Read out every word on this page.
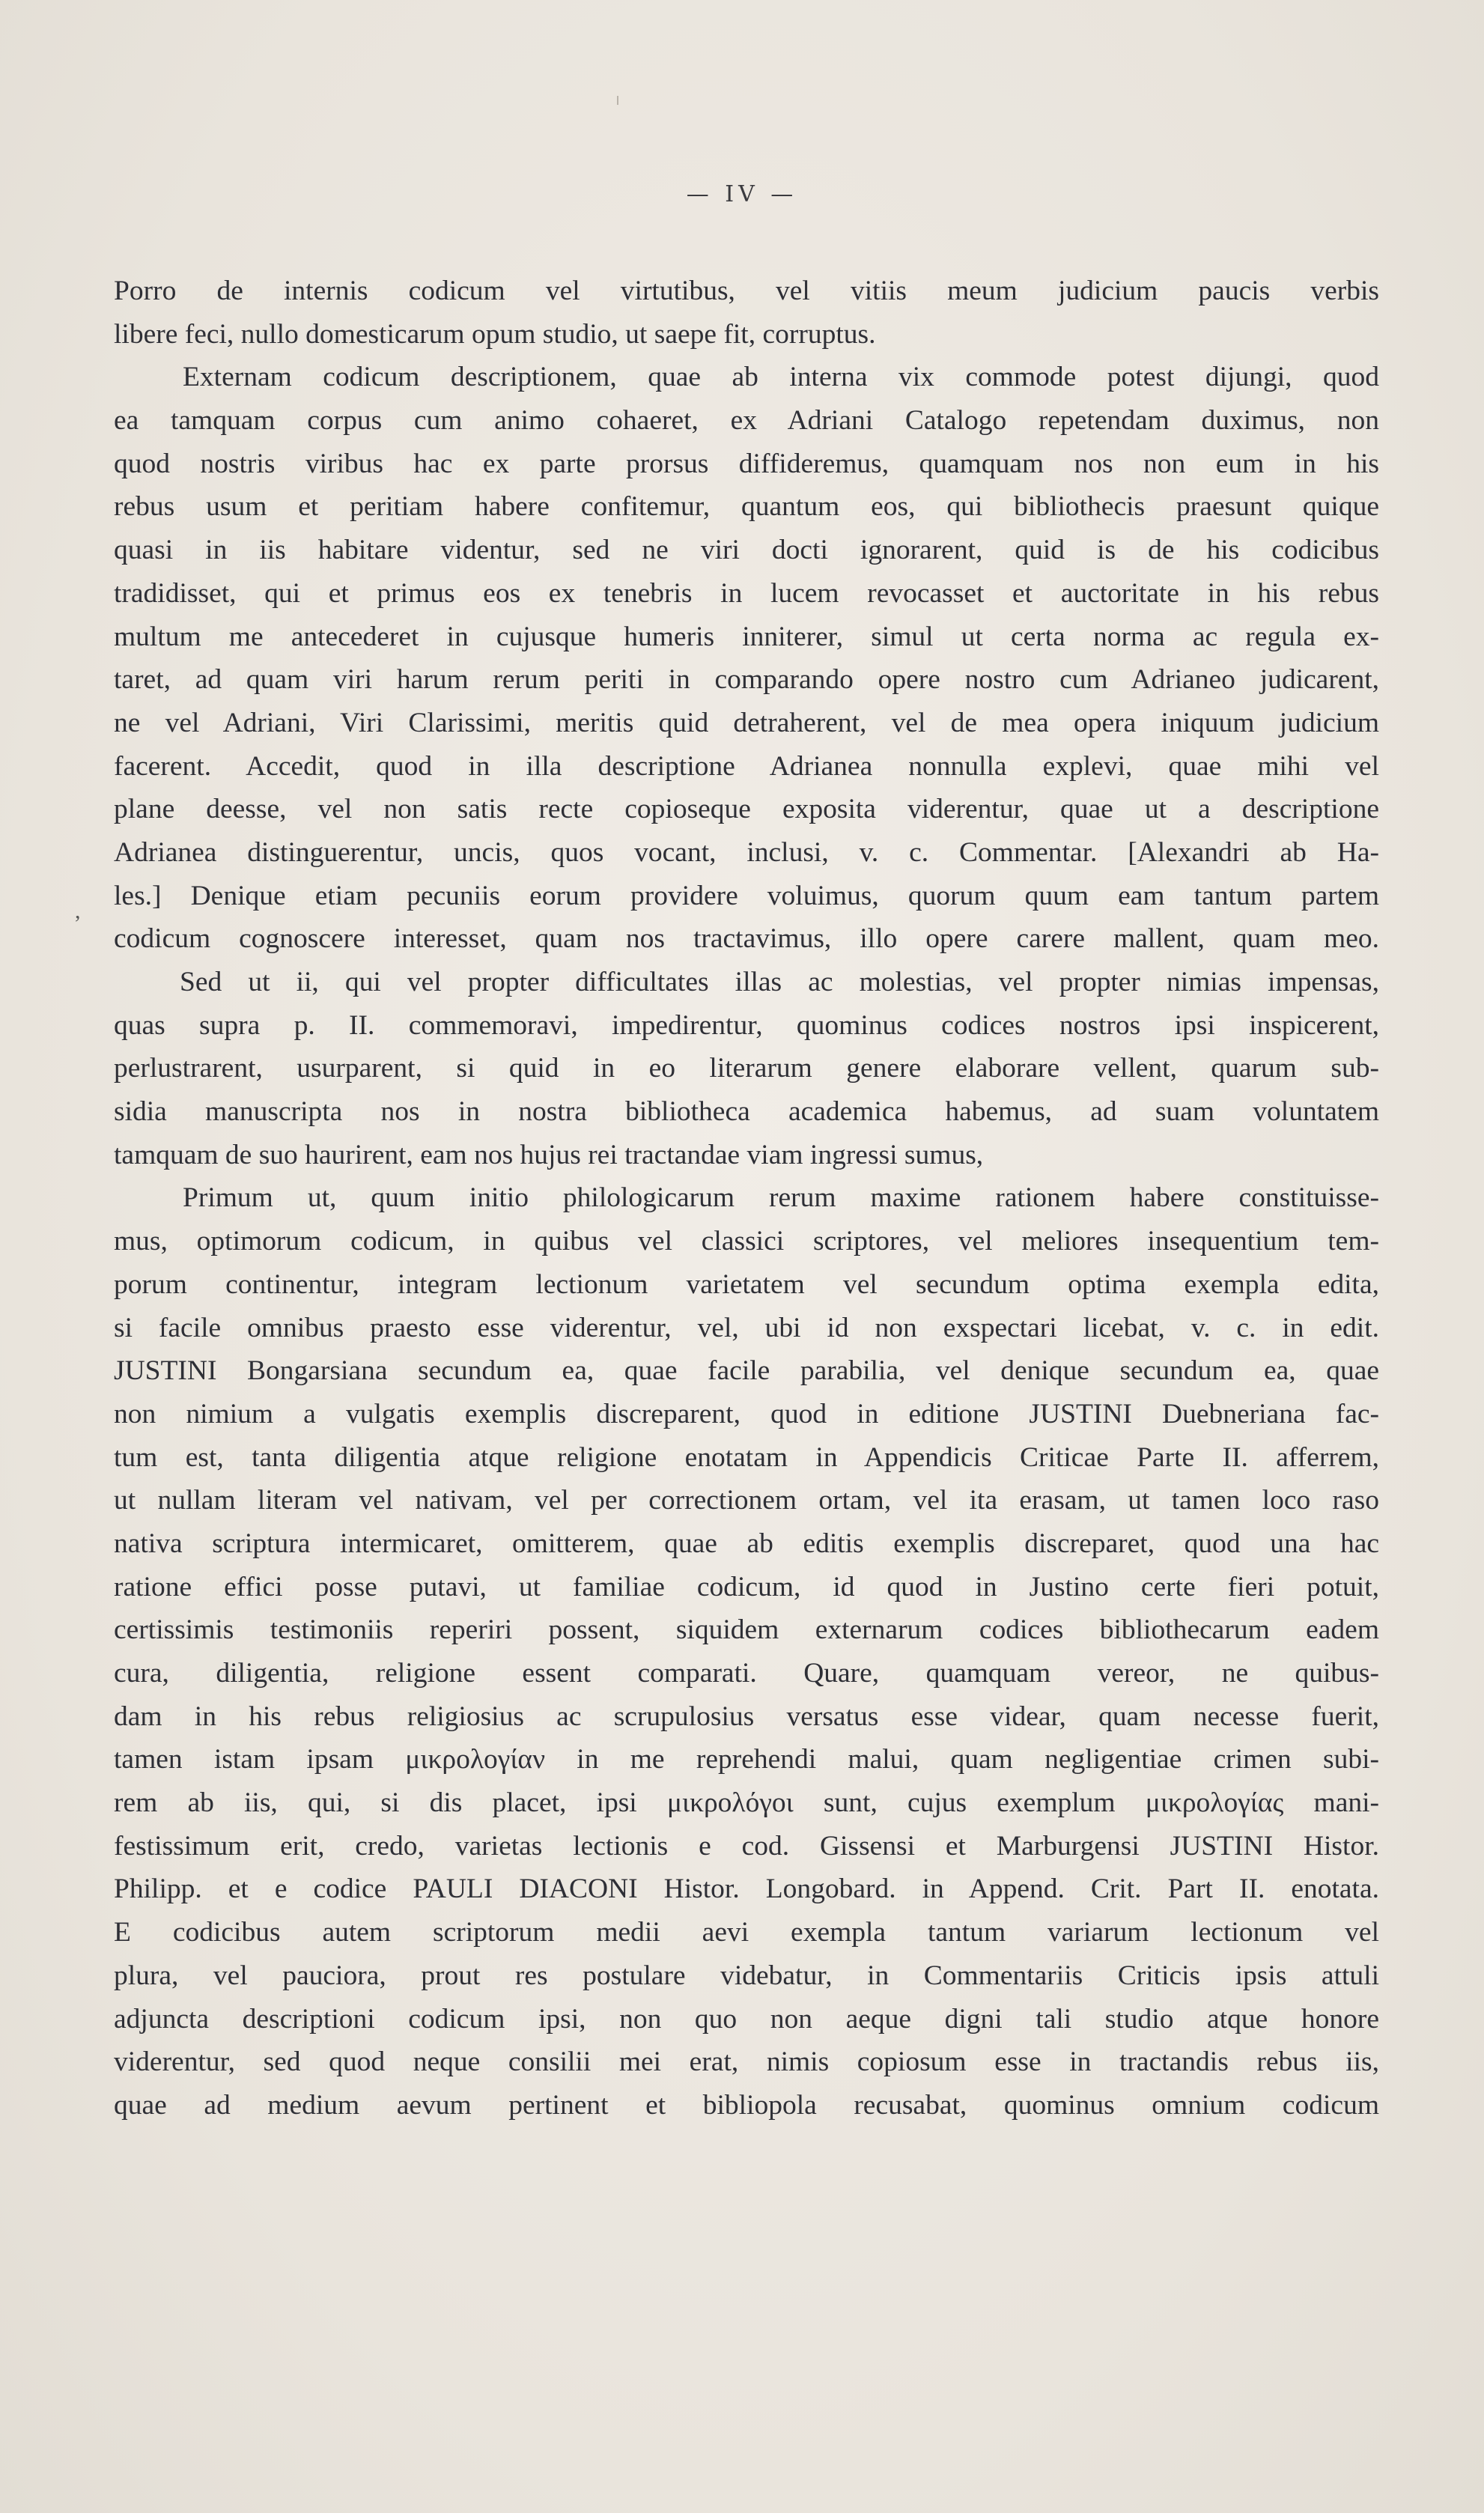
— IV —
,
Porro de internis codicum vel virtutibus, vel vitiis meum judicium paucis verbis
libere feci, nullo domesticarum opum studio, ut saepe fit, corruptus.
Externam codicum descriptionem, quae ab interna vix commode potest dijungi, quod
ea tamquam corpus cum animo cohaeret, ex Adriani Catalogo repetendam duximus, non
quod nostris viribus hac ex parte prorsus diffideremus, quamquam nos non eum in his
rebus usum et peritiam habere confitemur, quantum eos, qui bibliothecis praesunt quique
quasi in iis habitare videntur, sed ne viri docti ignorarent, quid is de his codicibus
tradidisset, qui et primus eos ex tenebris in lucem revocasset et auctoritate in his rebus
multum me antecederet in cujusque humeris inniterer, simul ut certa norma ac regula ex-
taret, ad quam viri harum rerum periti in comparando opere nostro cum Adrianeo judicarent,
ne vel Adriani, Viri Clarissimi, meritis quid detraherent, vel de mea opera iniquum judicium
facerent. Accedit, quod in illa descriptione Adrianea nonnulla explevi, quae mihi vel
plane deesse, vel non satis recte copioseque exposita viderentur, quae ut a descriptione
Adrianea distinguerentur, uncis, quos vocant, inclusi, v. c. Commentar. [Alexandri ab Ha-
les.] Denique etiam pecuniis eorum providere voluimus, quorum quum eam tantum partem
codicum cognoscere interesset, quam nos tractavimus, illo opere carere mallent, quam meo.
Sed ut ii, qui vel propter difficultates illas ac molestias, vel propter nimias impensas,
quas supra p. II. commemoravi, impedirentur, quominus codices nostros ipsi inspicerent,
perlustrarent, usurparent, si quid in eo literarum genere elaborare vellent, quarum sub-
sidia manuscripta nos in nostra bibliotheca academica habemus, ad suam voluntatem
tamquam de suo haurirent, eam nos hujus rei tractandae viam ingressi sumus,
Primum ut, quum initio philologicarum rerum maxime rationem habere constituisse-
mus, optimorum codicum, in quibus vel classici scriptores, vel meliores insequentium tem-
porum continentur, integram lectionum varietatem vel secundum optima exempla edita,
si facile omnibus praesto esse viderentur, vel, ubi id non exspectari licebat, v. c. in edit.
JUSTINI Bongarsiana secundum ea, quae facile parabilia, vel denique secundum ea, quae
non nimium a vulgatis exemplis discreparent, quod in editione JUSTINI Duebneriana fac-
tum est, tanta diligentia atque religione enotatam in Appendicis Criticae Parte II. afferrem,
ut nullam literam vel nativam, vel per correctionem ortam, vel ita erasam, ut tamen loco raso
nativa scriptura intermicaret, omitterem, quae ab editis exemplis discreparet, quod una hac
ratione effici posse putavi, ut familiae codicum, id quod in Justino certe fieri potuit,
certissimis testimoniis reperiri possent, siquidem externarum codices bibliothecarum eadem
cura, diligentia, religione essent comparati. Quare, quamquam vereor, ne quibus-
dam in his rebus religiosius ac scrupulosius versatus esse videar, quam necesse fuerit,
tamen istam ipsam μικρολογίαν in me reprehendi malui, quam negligentiae crimen subi-
rem ab iis, qui, si dis placet, ipsi μικρολόγοι sunt, cujus exemplum μικρολογίας mani-
festissimum erit, credo, varietas lectionis e cod. Gissensi et Marburgensi JUSTINI Histor.
Philipp. et e codice PAULI DIACONI Histor. Longobard. in Append. Crit. Part II. enotata.
E codicibus autem scriptorum medii aevi exempla tantum variarum lectionum vel
plura, vel pauciora, prout res postulare videbatur, in Commentariis Criticis ipsis attuli
adjuncta descriptioni codicum ipsi, non quo non aeque digni tali studio atque honore
viderentur, sed quod neque consilii mei erat, nimis copiosum esse in tractandis rebus iis,
quae ad medium aevum pertinent et bibliopola recusabat, quominus omnium codicum
